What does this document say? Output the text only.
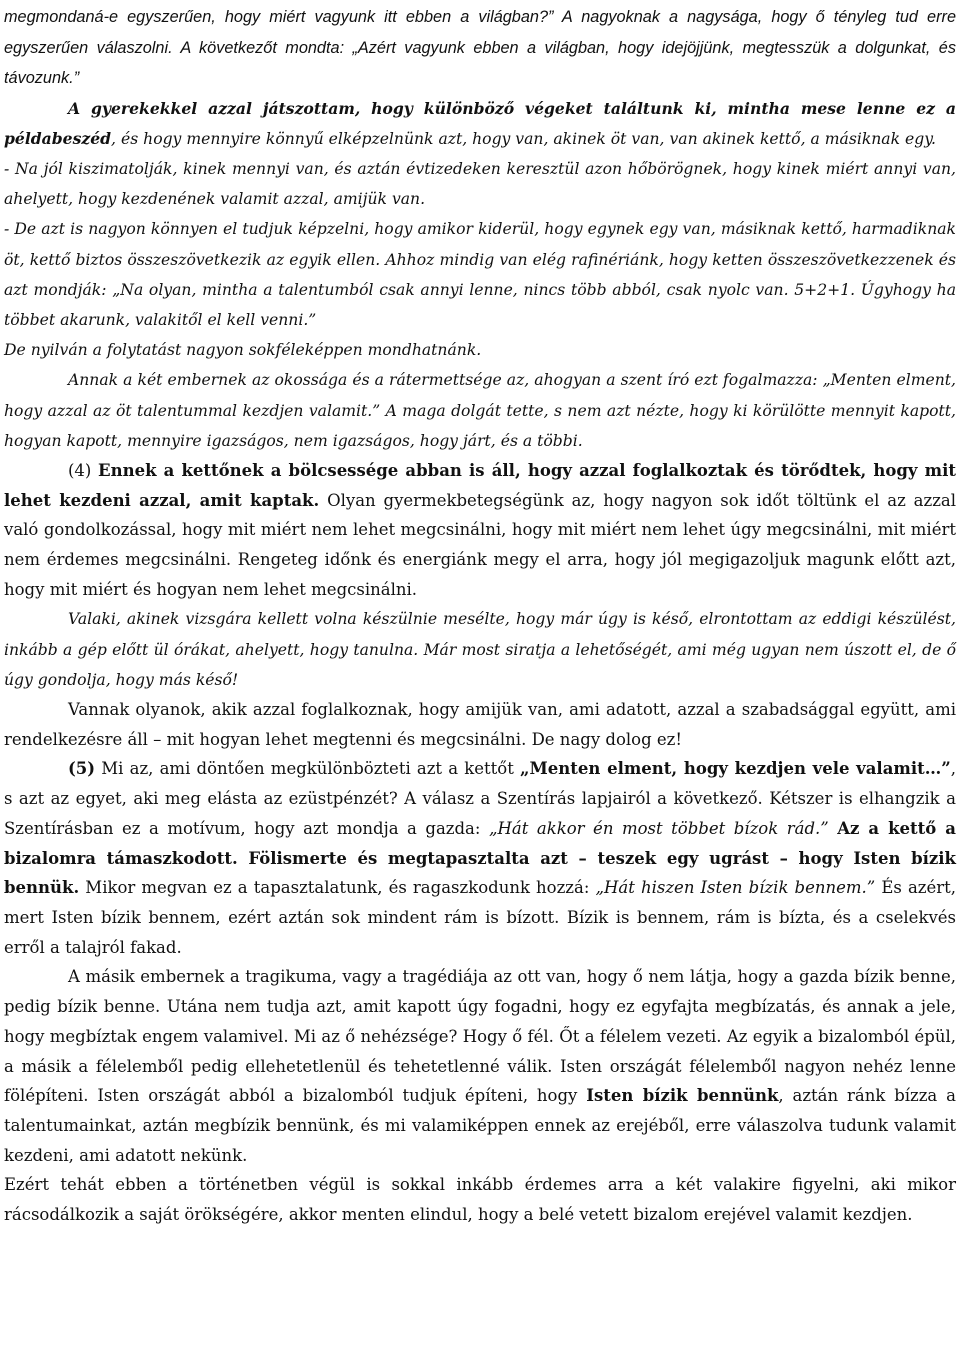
megmondaná-e egyszerűen, hogy miért vagyunk itt ebben a világban?” A nagyoknak a nagysága, hogy ő tényleg tud erre egyszerűen válaszolni. A következőt mondta: „Azért vagyunk ebben a világban, hogy idejöjjünk, megtesszük a dolgunkat, és távozunk.”

A gyerekekkel azzal játszottam, hogy különböző végeket találtunk ki, mintha mese lenne ez a példabeszéd, és hogy mennyire könnyű elképzelnünk azt, hogy van, akinek öt van, van akinek kettő, a másiknak egy.

- Na jól kiszimatolják, kinek mennyi van, és aztán évtizedeken keresztül azon hőbörögnek, hogy kinek miért annyi van, ahelyett, hogy kezdenének valamit azzal, amijük van.

- De azt is nagyon könnyen el tudjuk képzelni, hogy amikor kiderül, hogy egynek egy van, másiknak kettő, harmadiknak öt, kettő biztos összeszövetkezik az egyik ellen. Ahhoz mindig van elég rafinériánk, hogy ketten összeszövetkezzenek és azt mondják: „Na olyan, mintha a talentumból csak annyi lenne, nincs több abból, csak nyolc van. 5+2+1. Úgyhogy ha többet akarunk, valakitől el kell venni.”

De nyilván a folytatást nagyon sokféleképpen mondhatnánk.

Annak a két embernek az okossága és a rátermettsége az, ahogyan a szent író ezt fogalmazza: „Menten elment, hogy azzal az öt talentummal kezdjen valamit.” A maga dolgát tette, s nem azt nézte, hogy ki körülötte mennyit kapott, hogyan kapott, mennyire igazságos, nem igazságos, hogy járt, és a többi.

(4) Ennek a kettőnek a bölcsessége abban is áll, hogy azzal foglalkoztak és törődtek, hogy mit lehet kezdeni azzal, amit kaptak. Olyan gyermekbetegségünk az, hogy nagyon sok időt töltünk el az azzal való gondolkozással, hogy mit miért nem lehet megcsinálni, hogy mit miért nem lehet úgy megcsinálni, mit miért nem érdemes megcsinálni. Rengeteg időnk és energiánk megy el arra, hogy jól megigazoljuk magunk előtt azt, hogy mit miért és hogyan nem lehet megcsinálni.

Valaki, akinek vizsgára kellett volna készülnie mesélte, hogy már úgy is késő, elrontottam az eddigi készülést, inkább a gép előtt ül órákat, ahelyett, hogy tanulna. Már most siratja a lehetőségét, ami még ugyan nem úszott el, de ő úgy gondolja, hogy más késő!

Vannak olyanok, akik azzal foglalkoznak, hogy amijük van, ami adatott, azzal a szabadsággal együtt, ami rendelkezésre áll – mit hogyan lehet megtenni és megcsinálni. De nagy dolog ez!

(5) Mi az, ami döntően megkülönbözteti azt a kettőt „Menten elment, hogy kezdjen vele valamit…”, s azt az egyet, aki meg elásta az ezüstpénzét? A válasz a Szentírás lapjairól a következő. Kétszer is elhangzik a Szentírásban ez a motívum, hogy azt mondja a gazda: „Hát akkor én most többet bízok rád.” Az a kettő a bizalomra támaszkodott. Fölismerte és megtapasztalta azt – teszek egy ugrást – hogy Isten bízik bennük. Mikor megvan ez a tapasztalatunk, és ragaszkodunk hozzá: „Hát hiszen Isten bízik bennem.” És azért, mert Isten bízik bennem, ezért aztán sok mindent rám is bízott. Bízik is bennem, rám is bízta, és a cselekvés erről a talajról fakad.

A másik embernek a tragikuma, vagy a tragédiája az ott van, hogy ő nem látja, hogy a gazda bízik benne, pedig bízik benne. Utána nem tudja azt, amit kapott úgy fogadni, hogy ez egyfajta megbízatás, és annak a jele, hogy megbíztak engem valamivel. Mi az ő nehézsége? Hogy ő fél. Őt a félelem vezeti. Az egyik a bizalomból épül, a másik a félelemből pedig ellehetetlenül és tehetetlenné válik. Isten országát félelemből nagyon nehéz lenne fölépíteni. Isten országát abból a bizalomból tudjuk építeni, hogy Isten bízik bennünk, aztán ránk bízza a talentumainkat, aztán megbízik bennünk, és mi valamiképpen ennek az erejéből, erre válaszolva tudunk valamit kezdeni, ami adatott nekünk.

Ezért tehát ebben a történetben végül is sokkal inkább érdemes arra a két valakire figyelni, aki mikor rácsodálkozik a saját örökségére, akkor menten elindul, hogy a belé vetett bizalom erejével valamit kezdjen.
